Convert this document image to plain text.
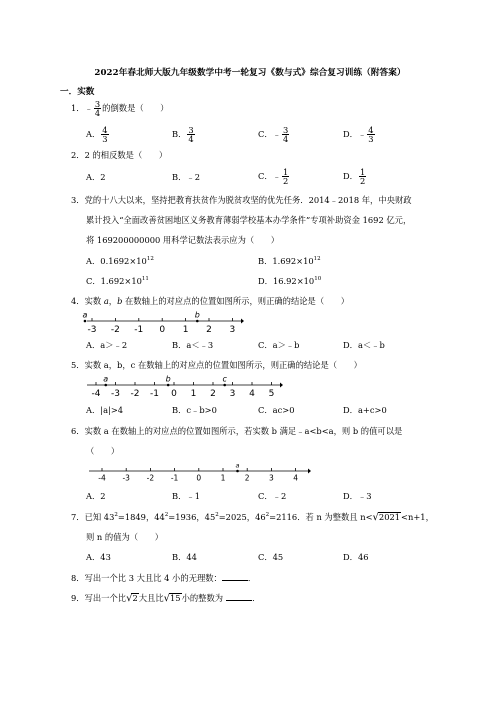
2022年春北师大版九年级数学中考一轮复习《数与式》综合复习训练（附答案）
一．实数
1．﹣ $\frac{3}{4}$ 的倒数是（　　）
A． $\frac{4}{3}$	B． $\frac{3}{4}$	C．﹣ $\frac{3}{4}$	D．﹣ $\frac{4}{3}$
2．2 的相反数是（　　）
A．2	B．﹣2	C．﹣ $\frac{1}{2}$	D． $\frac{1}{2}$
3．党的十八大以来，坚持把教育扶贫作为脱贫攻坚的优先任务．2014﹣2018 年，中央财政
累计投入“全面改善贫困地区义务教育薄弱学校基本办学条件”专项补助资金 1692 亿元，
将 169200000000 用科学记数法表示应为（　　）
A．$0.1692\times 10^{12}$	B．$1.692\times 10^{12}$
C．$1.692\times 10^{11}$	D．$16.92\times 10^{10}$
4．实数 a，b 在数轴上的对应点的位置如图所示，则正确的结论是（　　）
-3 -2 -1 0 1 2 3
a	b
A．a＞﹣2	B．a＜﹣3	C．a＞﹣b	D．a＜﹣b
5．实数 a，b，c 在数轴上的对应点的位置如图所示，则正确的结论是（　　）
-4 -3 -2 -1 0 1 2 3 4 5
a	b	c
A．|a|>4	B．c﹣b>0	C．ac>0	D．a+c>0
6．实数 a 在数轴上的对应点的位置如图所示，若实数 b 满足﹣a<b<a，则 b 的值可以是
（　　）
-4 -3 -2 -1 0	1	2	3	4
a
A．2	B．﹣1	C．﹣2	D．﹣3
7．已知 $43^2=1849$，$44^2=1936$，$45^2=2025$，$46^2=2116$．若 n 为整数且 n<√2021<n+1，
则 n 的值为（　　）
A．43	B．44	C．45	D．46
8．写出一个比 3 大且比 4 小的无理数：	．
9．写出一个比√2大且比√15小的整数为	．
